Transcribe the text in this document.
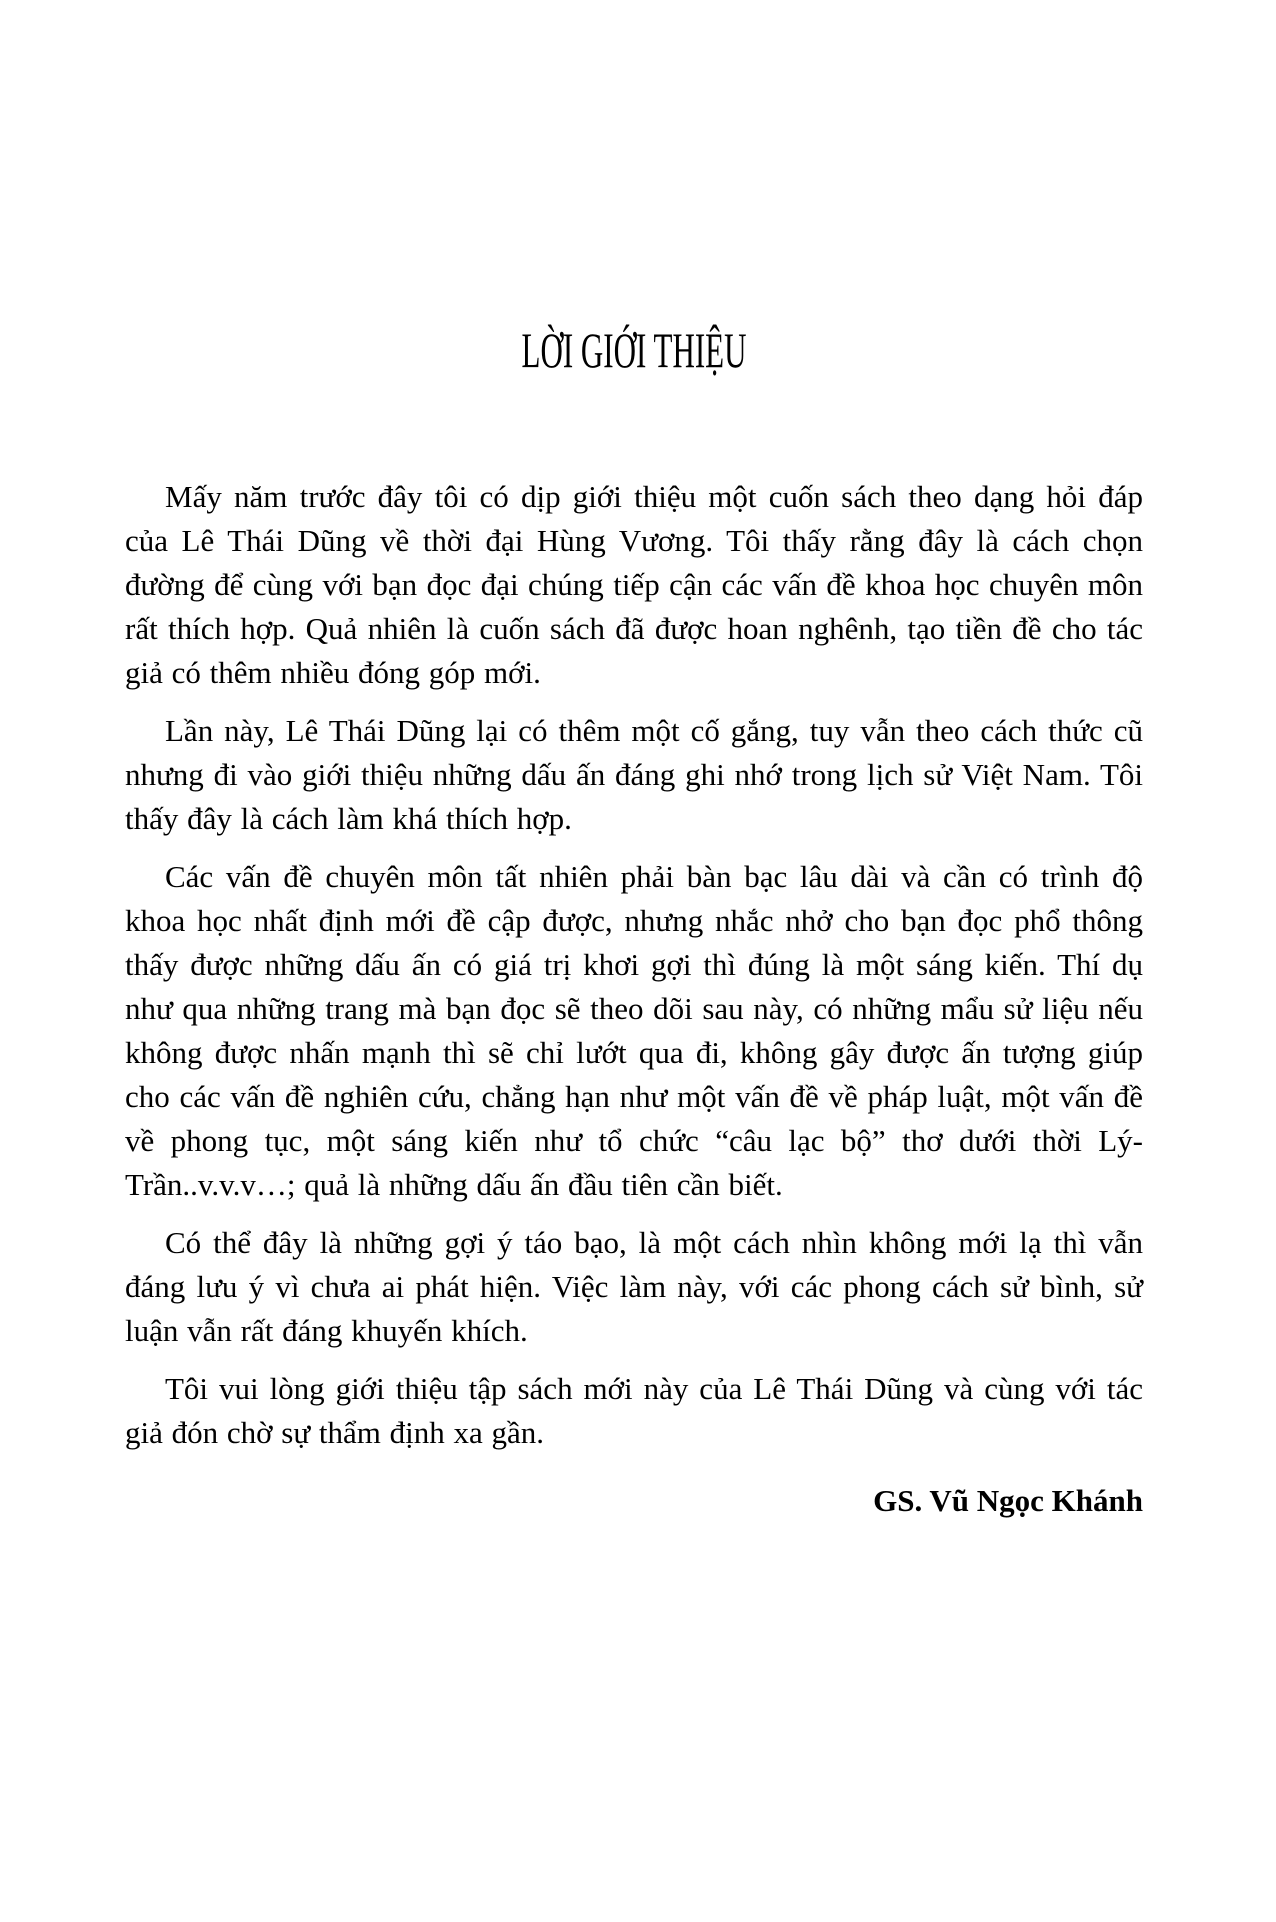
LỜI GIỚI THIỆU

Mấy năm trước đây tôi có dịp giới thiệu một cuốn sách theo dạng hỏi đáp của Lê Thái Dũng về thời đại Hùng Vương. Tôi thấy rằng đây là cách chọn đường để cùng với bạn đọc đại chúng tiếp cận các vấn đề khoa học chuyên môn rất thích hợp. Quả nhiên là cuốn sách đã được hoan nghênh, tạo tiền đề cho tác giả có thêm nhiều đóng góp mới.

Lần này, Lê Thái Dũng lại có thêm một cố gắng, tuy vẫn theo cách thức cũ nhưng đi vào giới thiệu những dấu ấn đáng ghi nhớ trong lịch sử Việt Nam. Tôi thấy đây là cách làm khá thích hợp.

Các vấn đề chuyên môn tất nhiên phải bàn bạc lâu dài và cần có trình độ khoa học nhất định mới đề cập được, nhưng nhắc nhở cho bạn đọc phổ thông thấy được những dấu ấn có giá trị khơi gợi thì đúng là một sáng kiến. Thí dụ như qua những trang mà bạn đọc sẽ theo dõi sau này, có những mẩu sử liệu nếu không được nhấn mạnh thì sẽ chỉ lướt qua đi, không gây được ấn tượng giúp cho các vấn đề nghiên cứu, chẳng hạn như một vấn đề về pháp luật, một vấn đề về phong tục, một sáng kiến như tổ chức “câu lạc bộ” thơ dưới thời Lý-Trần..v.v.v…; quả là những dấu ấn đầu tiên cần biết.

Có thể đây là những gợi ý táo bạo, là một cách nhìn không mới lạ thì vẫn đáng lưu ý vì chưa ai phát hiện. Việc làm này, với các phong cách sử bình, sử luận vẫn rất đáng khuyến khích.

Tôi vui lòng giới thiệu tập sách mới này của Lê Thái Dũng và cùng với tác giả đón chờ sự thẩm định xa gần.

GS. Vũ Ngọc Khánh
